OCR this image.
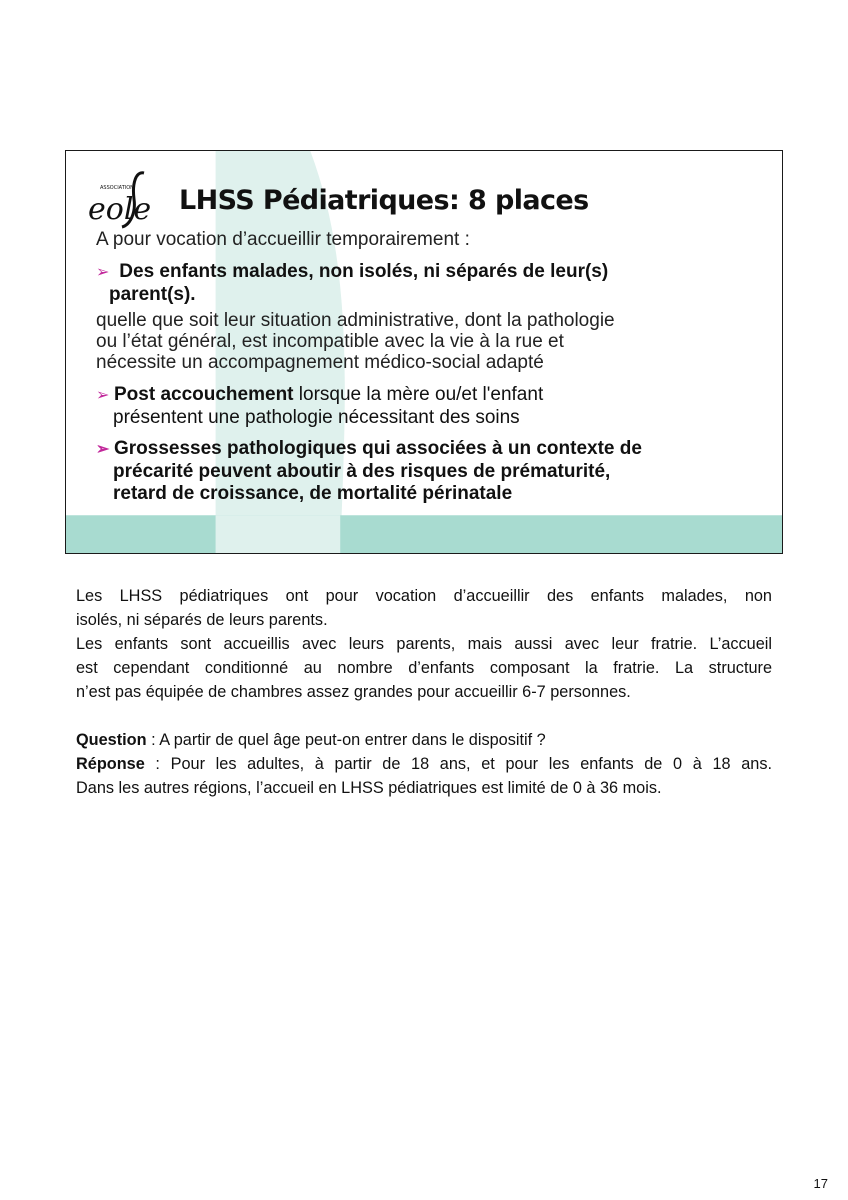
eole
ASSOCIATION LHSS Pédiatriques: 8 places
A pour vocation d’accueillir temporairement :
➢ Des enfants malades, non isolés, ni séparés de leur(s)
parent(s).
quelle que soit leur situation administrative, dont la pathologie
ou l’état général, est incompatible avec la vie à la rue et
nécessite un accompagnement médico-social adapté
➢ Post accouchement lorsque la mère ou/et l'enfant
présentent une pathologie nécessitant des soins
➢ Grossesses pathologiques qui associées à un contexte de
précarité peuvent aboutir à des risques de prématurité,
retard de croissance, de mortalité périnatale

Les LHSS pédiatriques ont pour vocation d’accueillir des enfants malades, non

isolés, ni séparés de leurs parents.

Les enfants sont accueillis avec leurs parents, mais aussi avec leur fratrie. L’accueil

est cependant conditionné au nombre d’enfants composant la fratrie. La structure

n’est pas équipée de chambres assez grandes pour accueillir 6-7 personnes.

Question : A partir de quel âge peut-on entrer dans le dispositif ?

Réponse : Pour les adultes, à partir de 18 ans, et pour les enfants de 0 à 18 ans.

Dans les autres régions, l’accueil en LHSS pédiatriques est limité de 0 à 36 mois.

17
